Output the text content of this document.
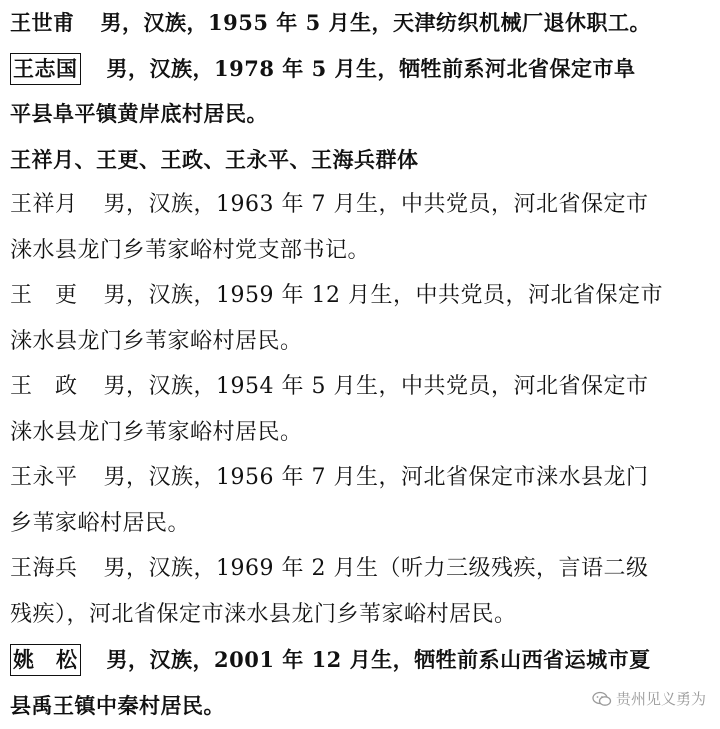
王世甫 男，汉族，1955 年 5 月生，天津纺织机械厂退休职工。
王志国 男，汉族，1978 年 5 月生，牺牲前系河北省保定市阜
平县阜平镇黄岸底村居民。
王祥月、王更、王政、王永平、王海兵群体
王祥月 男，汉族，1963 年 7 月生，中共党员，河北省保定市
涞水县龙门乡苇家峪村党支部书记。
王　更 男，汉族，1959 年 12 月生，中共党员，河北省保定市
涞水县龙门乡苇家峪村居民。
王　政 男，汉族，1954 年 5 月生，中共党员，河北省保定市
涞水县龙门乡苇家峪村居民。
王永平 男，汉族，1956 年 7 月生，河北省保定市涞水县龙门
乡苇家峪村居民。
王海兵 男，汉族，1969 年 2 月生（听力三级残疾，言语二级
残疾），河北省保定市涞水县龙门乡苇家峪村居民。
姚　松 男，汉族，2001 年 12 月生，牺牲前系山西省运城市夏
县禹王镇中秦村居民。	贵州见义勇为
